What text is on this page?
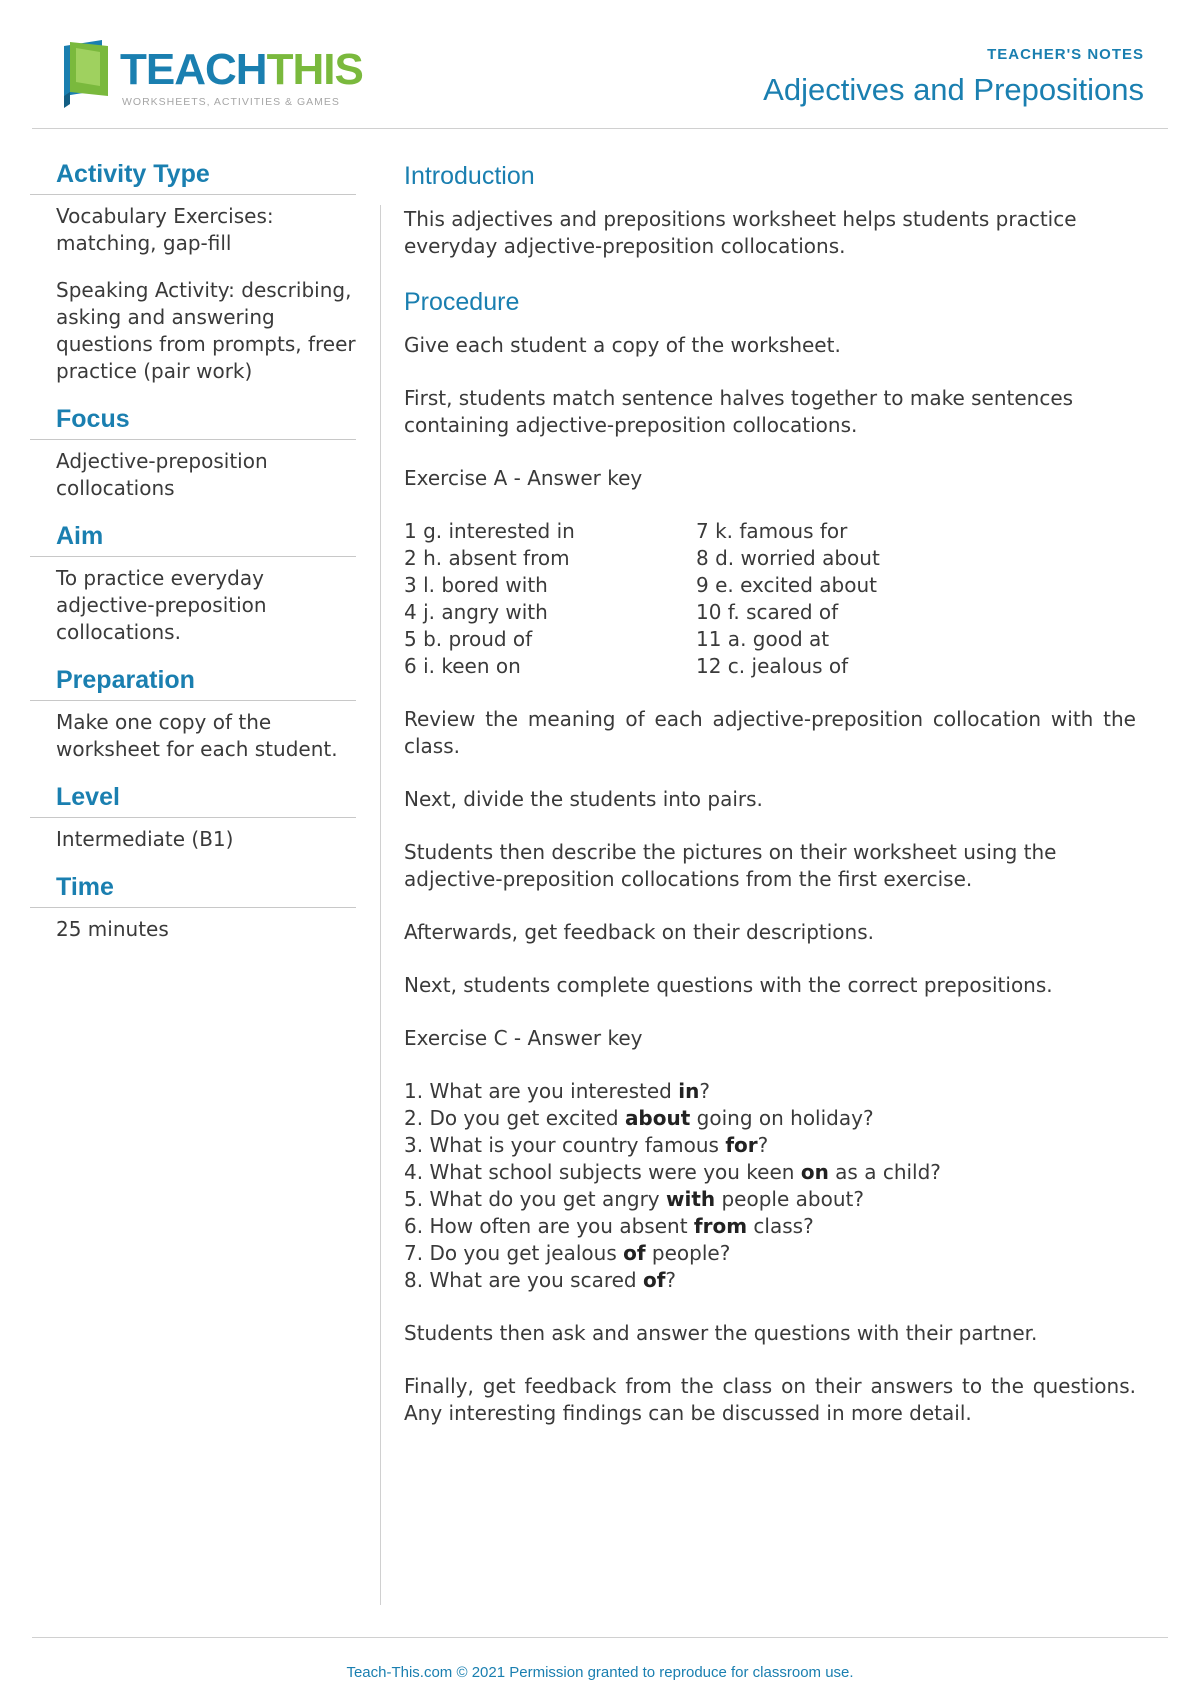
TEACHTHIS
WORKSHEETS, ACTIVITIES & GAMES
TEACHER'S NOTES
Adjectives and Prepositions
Activity Type

Vocabulary Exercises: matching, gap-fill

Speaking Activity: describing, asking and answering questions from prompts, freer practice (pair work)

Focus

Adjective-preposition collocations

Aim

To practice everyday adjective-preposition collocations.

Preparation

Make one copy of the worksheet for each student.

Level

Intermediate (B1)

Time

25 minutes

Introduction

This adjectives and prepositions worksheet helps students practice everyday adjective-preposition collocations.

Procedure

Give each student a copy of the worksheet.

First, students match sentence halves together to make sentences containing adjective-preposition collocations.

Exercise A - Answer key

1 g. interested in
2 h. absent from
3 l. bored with
4 j. angry with
5 b. proud of
6 i. keen on
7 k. famous for
8 d. worried about
9 e. excited about
10 f. scared of
11 a. good at
12 c. jealous of

Review the meaning of each adjective-preposition collocation with the class.

Next, divide the students into pairs.

Students then describe the pictures on their worksheet using the adjective-preposition collocations from the first exercise.

Afterwards, get feedback on their descriptions.

Next, students complete questions with the correct prepositions.

Exercise C - Answer key

1. What are you interested in?
2. Do you get excited about going on holiday?
3. What is your country famous for?
4. What school subjects were you keen on as a child?
5. What do you get angry with people about?
6. How often are you absent from class?
7. Do you get jealous of people?
8. What are you scared of?

Students then ask and answer the questions with their partner.

Finally, get feedback from the class on their answers to the questions. Any interesting findings can be discussed in more detail.

Teach-This.com © 2021 Permission granted to reproduce for classroom use.
